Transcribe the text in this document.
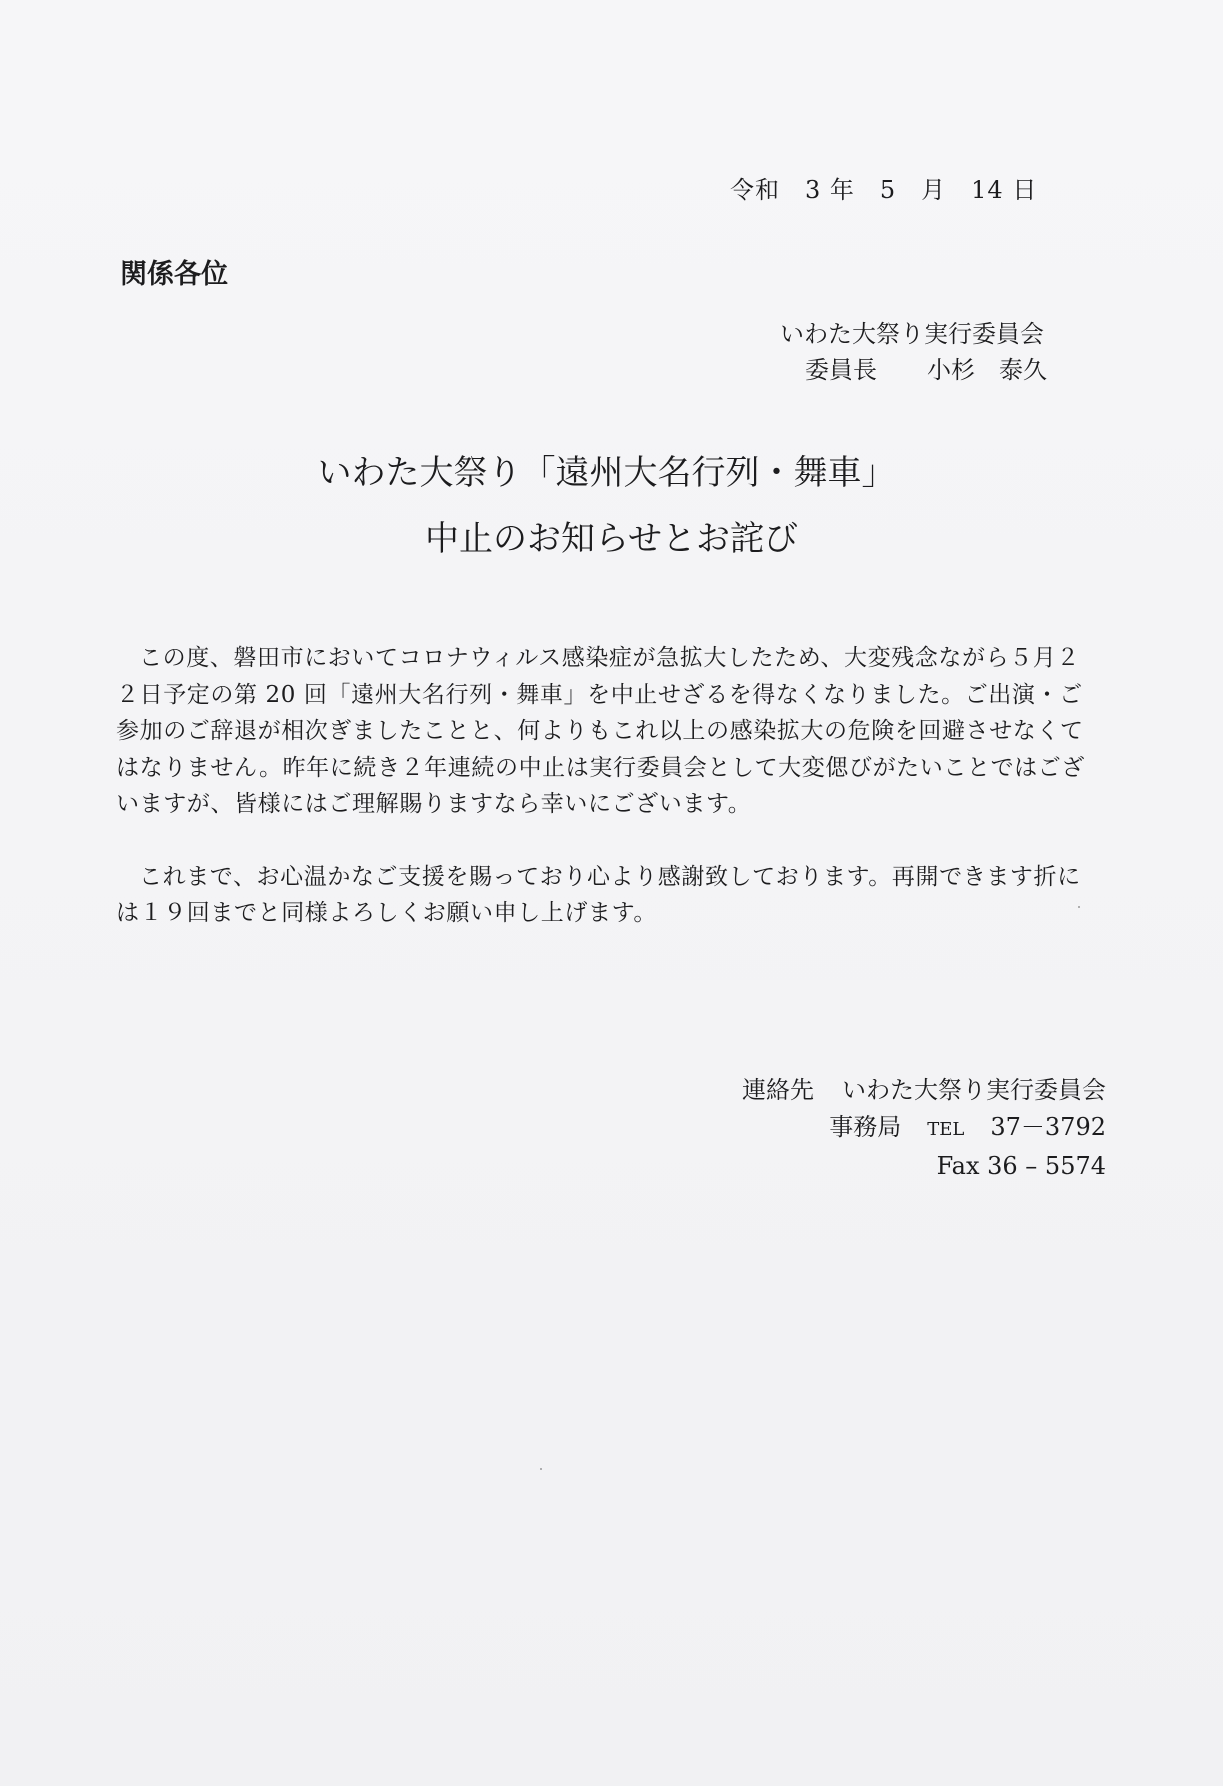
令和　3 年　5　月　14 日
関係各位
いわた大祭り実行委員会
委員長 小杉　泰久
いわた大祭り「遠州大名行列・舞車」
中止のお知らせとお詫び

この度、磐田市においてコロナウィルス感染症が急拡大したため、大変残念ながら５月２２日予定の第 20 回「遠州大名行列・舞車」を中止せざるを得なくなりました。ご出演・ご参加のご辞退が相次ぎましたことと、何よりもこれ以上の感染拡大の危険を回避させなくてはなりません。昨年に続き２年連続の中止は実行委員会として大変偲びがたいことではございますが、皆様にはご理解賜りますなら幸いにございます。

これまで、お心温かなご支援を賜っており心より感謝致しております。再開できます折には１９回までと同様よろしくお願い申し上げます。

連絡先 いわた大祭り実行委員会
事務局 TEL 37－3792
Fax 36 – 5574
